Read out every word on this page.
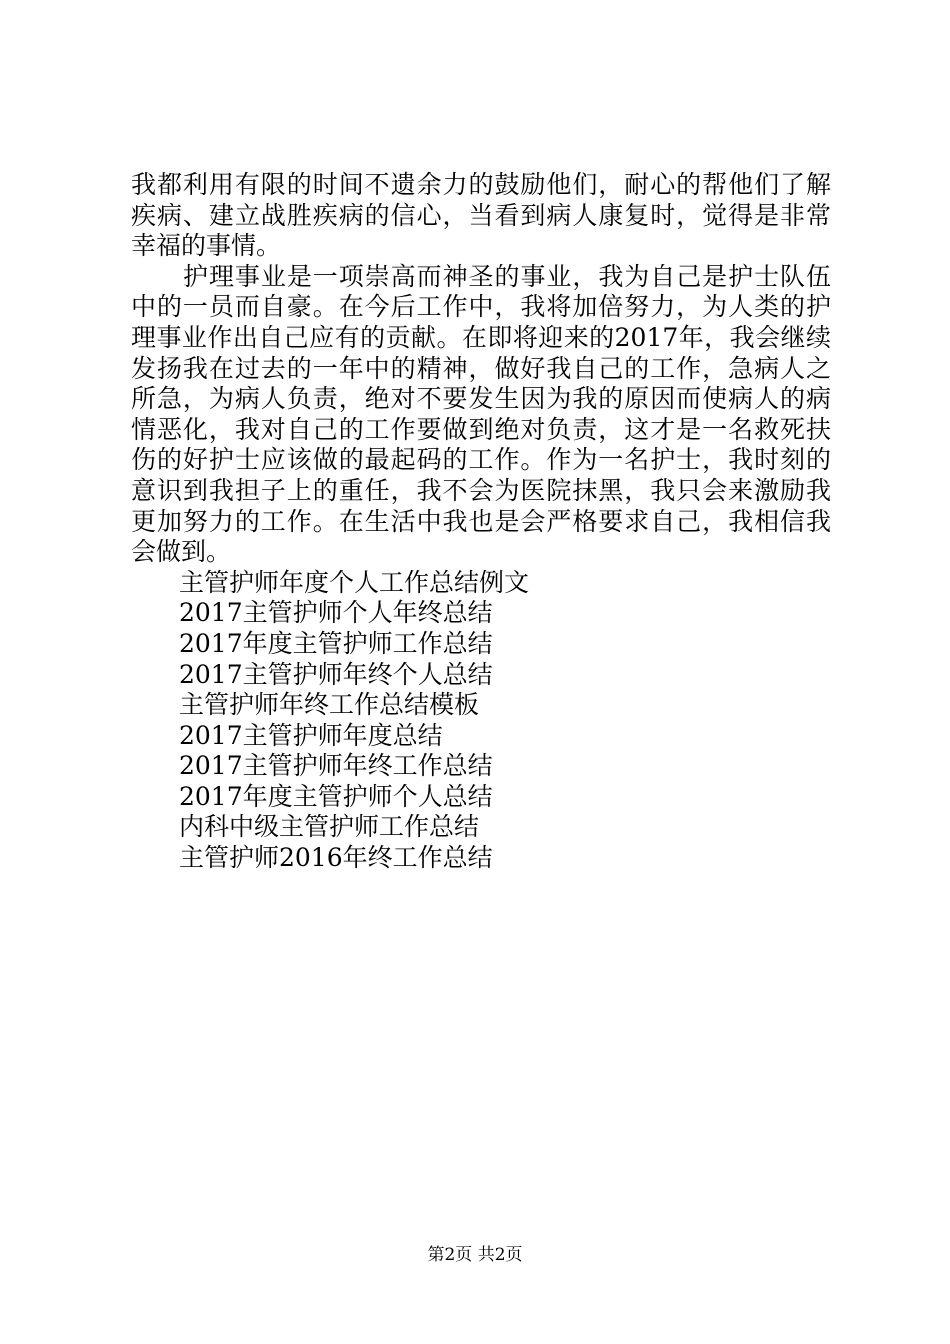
我都利用有限的时间不遗余力的鼓励他们，耐心的帮他们了解
疾病、建立战胜疾病的信心，当看到病人康复时，觉得是非常
幸福的事情。
护理事业是一项崇高而神圣的事业，我为自己是护士队伍
中的一员而自豪。在今后工作中，我将加倍努力，为人类的护
理事业作出自己应有的贡献。在即将迎来的2017年，我会继续
发扬我在过去的一年中的精神，做好我自己的工作，急病人之
所急，为病人负责，绝对不要发生因为我的原因而使病人的病
情恶化，我对自己的工作要做到绝对负责，这才是一名救死扶
伤的好护士应该做的最起码的工作。作为一名护士，我时刻的
意识到我担子上的重任，我不会为医院抹黑，我只会来激励我
更加努力的工作。在生活中我也是会严格要求自己，我相信我
会做到。
主管护师年度个人工作总结例文
2017主管护师个人年终总结
2017年度主管护师工作总结
2017主管护师年终个人总结
主管护师年终工作总结模板
2017主管护师年度总结
2017主管护师年终工作总结
2017年度主管护师个人总结
内科中级主管护师工作总结
主管护师2016年终工作总结
第2页 共2页
